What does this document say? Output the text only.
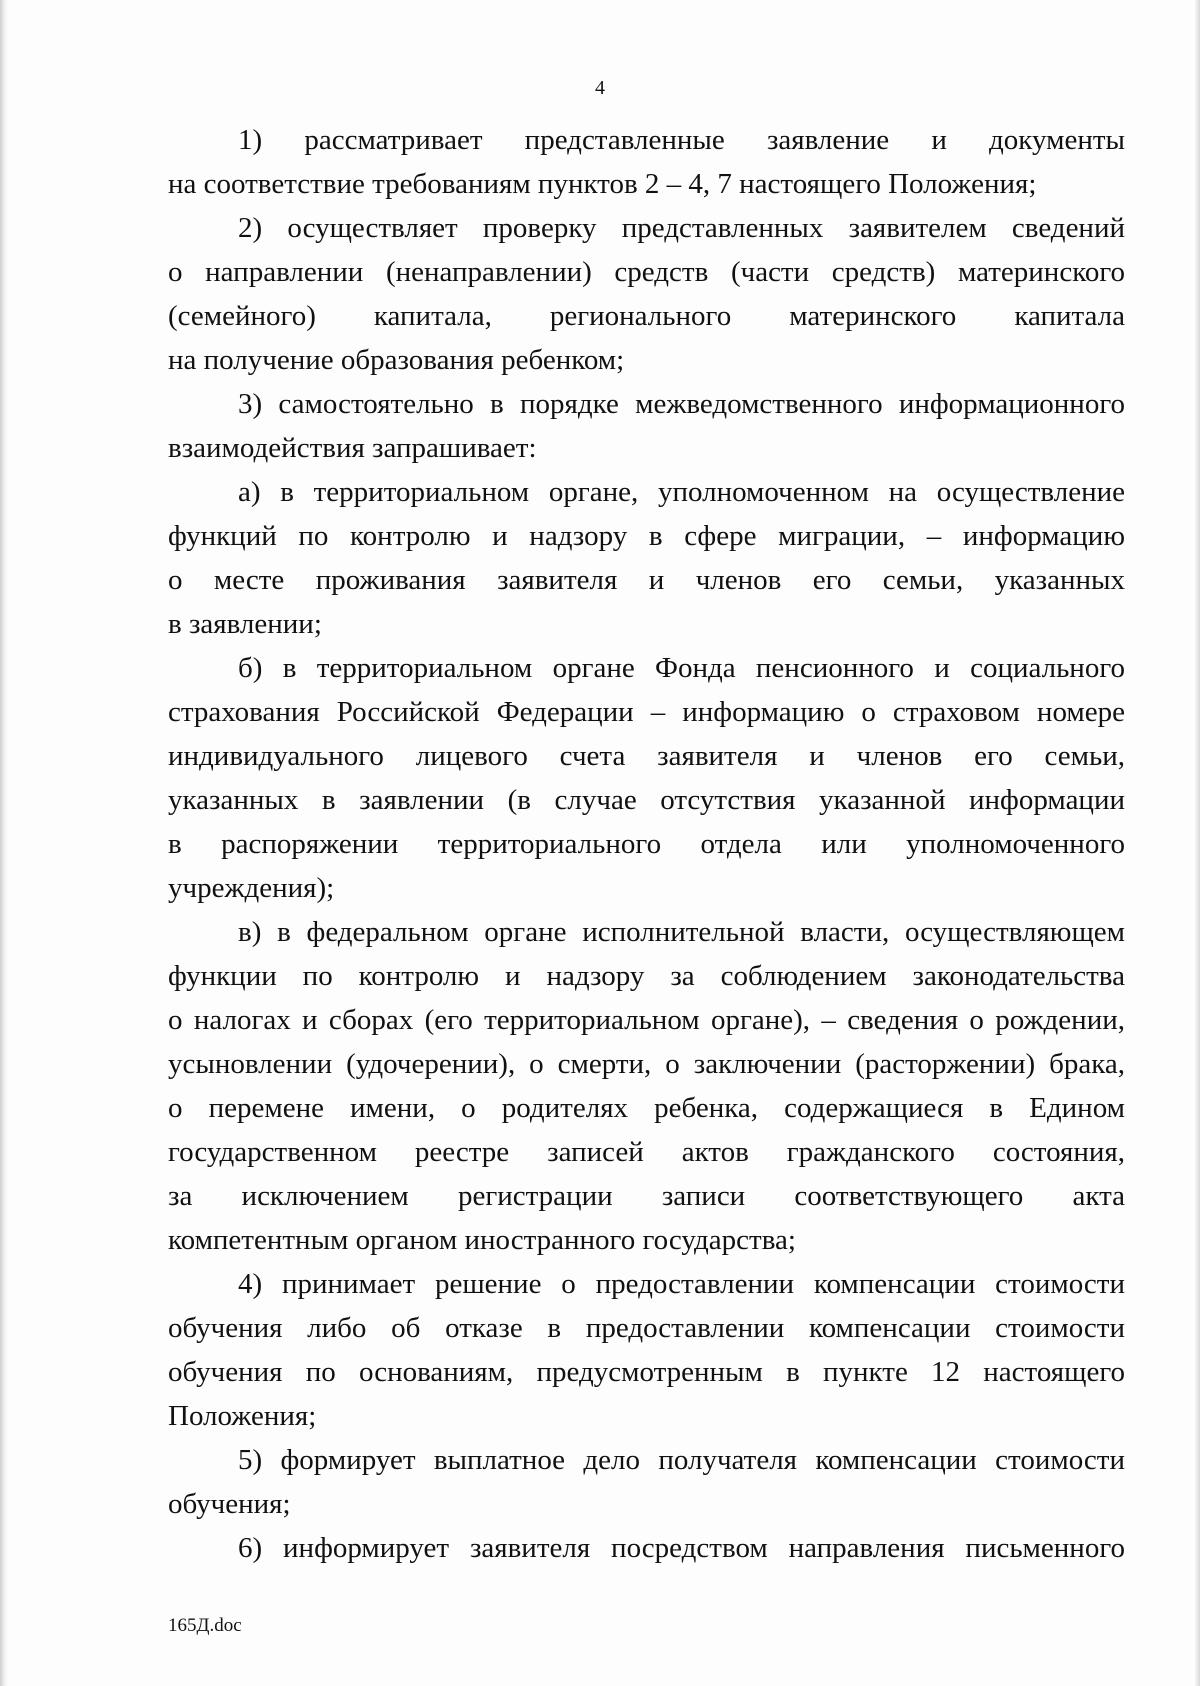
4
1) рассматривает представленные заявление и документы
на соответствие требованиям пунктов 2 – 4, 7 настоящего Положения;
2) осуществляет проверку представленных заявителем сведений
о направлении (ненаправлении) средств (части средств) материнского
(семейного) капитала, регионального материнского капитала
на получение образования ребенком;
3) самостоятельно в порядке межведомственного информационного
взаимодействия запрашивает:
а) в территориальном органе, уполномоченном на осуществление
функций по контролю и надзору в сфере миграции, – информацию
о месте проживания заявителя и членов его семьи, указанных
в заявлении;
б) в территориальном органе Фонда пенсионного и социального
страхования Российской Федерации – информацию о страховом номере
индивидуального лицевого счета заявителя и членов его семьи,
указанных в заявлении (в случае отсутствия указанной информации
в распоряжении территориального отдела или уполномоченного
учреждения);
в) в федеральном органе исполнительной власти, осуществляющем
функции по контролю и надзору за соблюдением законодательства
о налогах и сборах (его территориальном органе), – сведения о рождении,
усыновлении (удочерении), о смерти, о заключении (расторжении) брака,
о перемене имени, о родителях ребенка, содержащиеся в Едином
государственном реестре записей актов гражданского состояния,
за исключением регистрации записи соответствующего акта
компетентным органом иностранного государства;
4) принимает решение о предоставлении компенсации стоимости
обучения либо об отказе в предоставлении компенсации стоимости
обучения по основаниям, предусмотренным в пункте 12 настоящего
Положения;
5) формирует выплатное дело получателя компенсации стоимости
обучения;
6) информирует заявителя посредством направления письменного
165Д.doc
